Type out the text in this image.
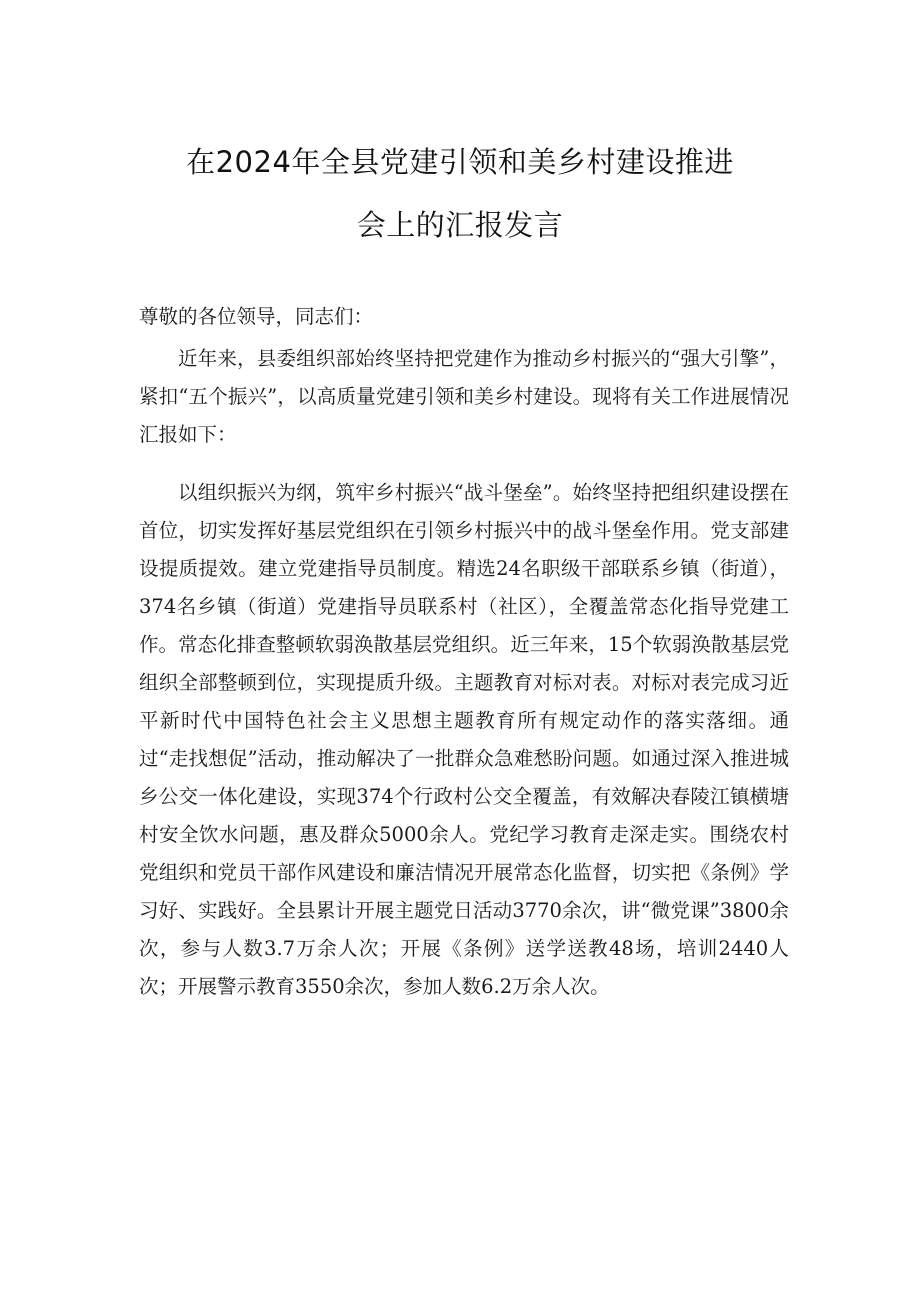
在2024年全县党建引领和美乡村建设推进
会上的汇报发言
尊敬的各位领导，同志们：

近年来，县委组织部始终坚持把党建作为推动乡村振兴的“强大引擎”，紧扣“五个振兴”，以高质量党建引领和美乡村建设。现将有关工作进展情况汇报如下：

以组织振兴为纲，筑牢乡村振兴“战斗堡垒”。始终坚持把组织建设摆在首位，切实发挥好基层党组织在引领乡村振兴中的战斗堡垒作用。党支部建设提质提效。建立党建指导员制度。精选24名职级干部联系乡镇（街道），374名乡镇（街道）党建指导员联系村（社区），全覆盖常态化指导党建工作。常态化排查整顿软弱涣散基层党组织。近三年来，15个软弱涣散基层党组织全部整顿到位，实现提质升级。主题教育对标对表。对标对表完成习近平新时代中国特色社会主义思想主题教育所有规定动作的落实落细。通过“走找想促”活动，推动解决了一批群众急难愁盼问题。如通过深入推进城乡公交一体化建设，实现374个行政村公交全覆盖，有效解决春陵江镇横塘村安全饮水问题，惠及群众5000余人。党纪学习教育走深走实。围绕农村党组织和党员干部作风建设和廉洁情况开展常态化监督，切实把《条例》学习好、实践好。全县累计开展主题党日活动3770余次，讲“微党课”3800余次，参与人数3.7万余人次；开展《条例》送学送教48场，培训2440人次；开展警示教育3550余次，参加人数6.2万余人次。
